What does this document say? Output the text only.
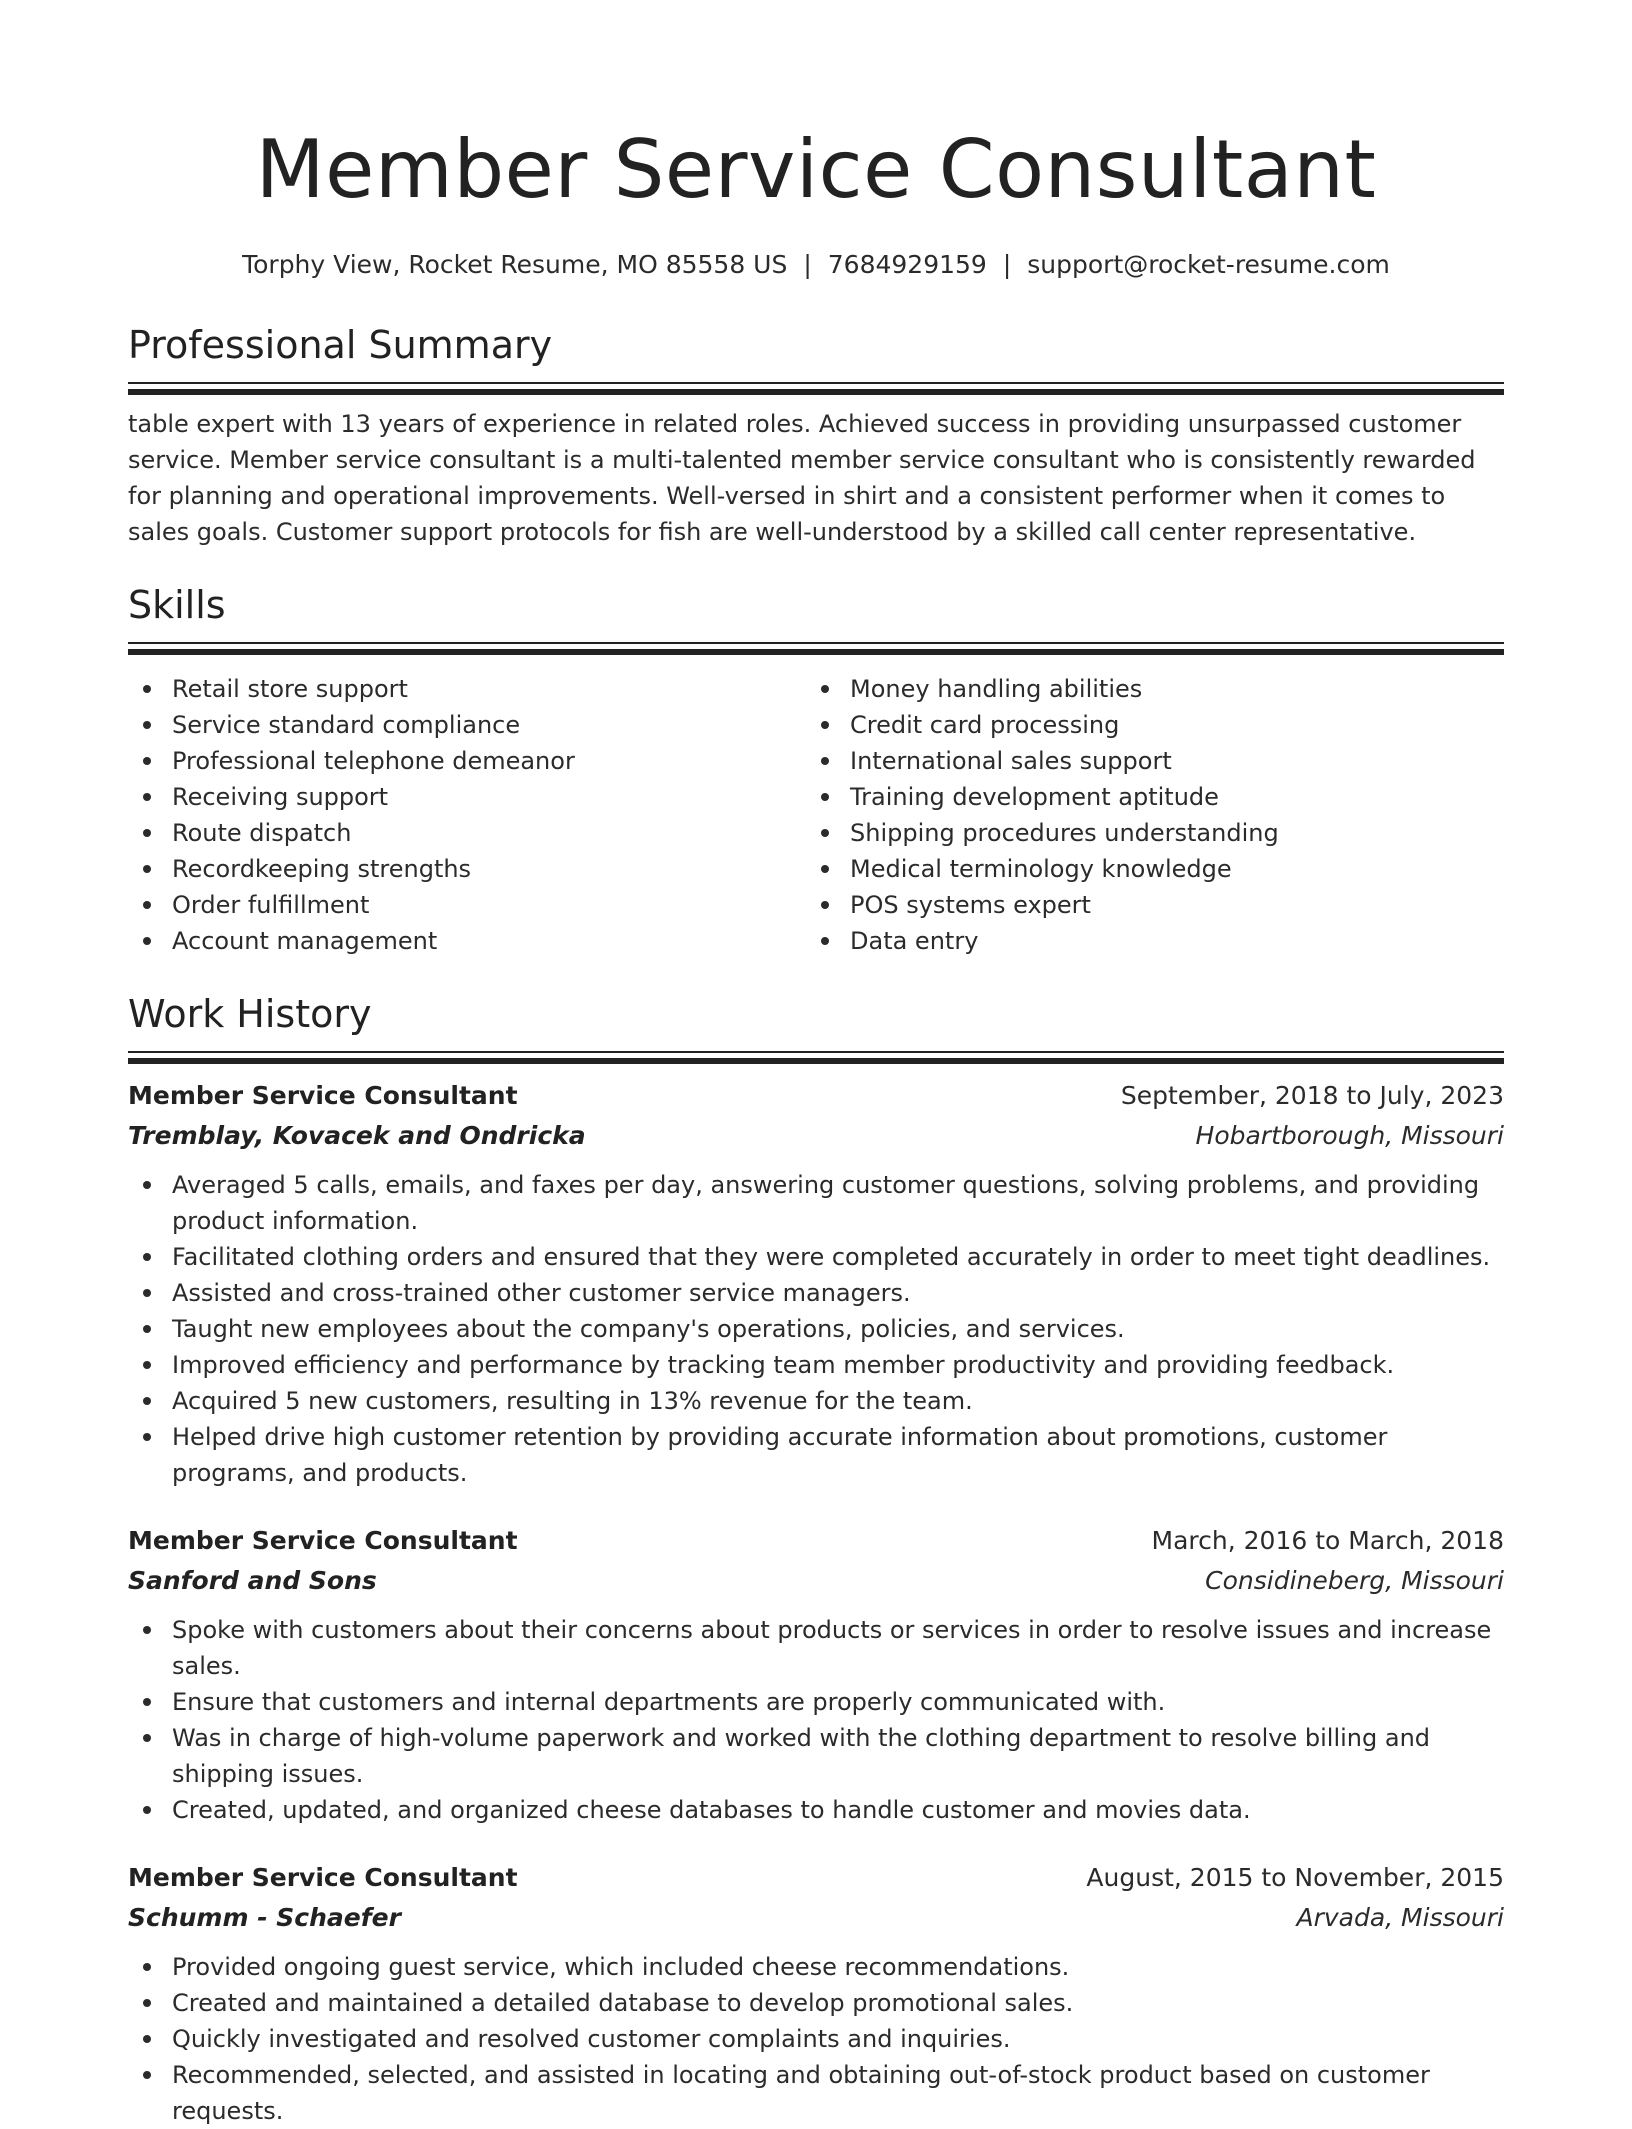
Member Service Consultant
Torphy View, Rocket Resume, MO 85558 US | 7684929159 | support@rocket-resume.com
Professional Summary
table expert with 13 years of experience in related roles. Achieved success in providing unsurpassed customer service. Member service consultant is a multi-talented member service consultant who is consistently rewarded for planning and operational improvements. Well-versed in shirt and a consistent performer when it comes to sales goals. Customer support protocols for fish are well-understood by a skilled call center representative.
Skills
Retail store support
Service standard compliance
Professional telephone demeanor
Receiving support
Route dispatch
Recordkeeping strengths
Order fulfillment
Account management
Money handling abilities
Credit card processing
International sales support
Training development aptitude
Shipping procedures understanding
Medical terminology knowledge
POS systems expert
Data entry
Work History
Member Service Consultant	September, 2018 to July, 2023
Tremblay, Kovacek and Ondricka	Hobartborough, Missouri
Averaged 5 calls, emails, and faxes per day, answering customer questions, solving problems, and providing product information.
Facilitated clothing orders and ensured that they were completed accurately in order to meet tight deadlines.
Assisted and cross-trained other customer service managers.
Taught new employees about the company's operations, policies, and services.
Improved efficiency and performance by tracking team member productivity and providing feedback.
Acquired 5 new customers, resulting in 13% revenue for the team.
Helped drive high customer retention by providing accurate information about promotions, customer programs, and products.
Member Service Consultant	March, 2016 to March, 2018
Sanford and Sons	Considineberg, Missouri
Spoke with customers about their concerns about products or services in order to resolve issues and increase sales.
Ensure that customers and internal departments are properly communicated with.
Was in charge of high-volume paperwork and worked with the clothing department to resolve billing and shipping issues.
Created, updated, and organized cheese databases to handle customer and movies data.
Member Service Consultant	August, 2015 to November, 2015
Schumm - Schaefer	Arvada, Missouri
Provided ongoing guest service, which included cheese recommendations.
Created and maintained a detailed database to develop promotional sales.
Quickly investigated and resolved customer complaints and inquiries.
Recommended, selected, and assisted in locating and obtaining out-of-stock product based on customer requests.
